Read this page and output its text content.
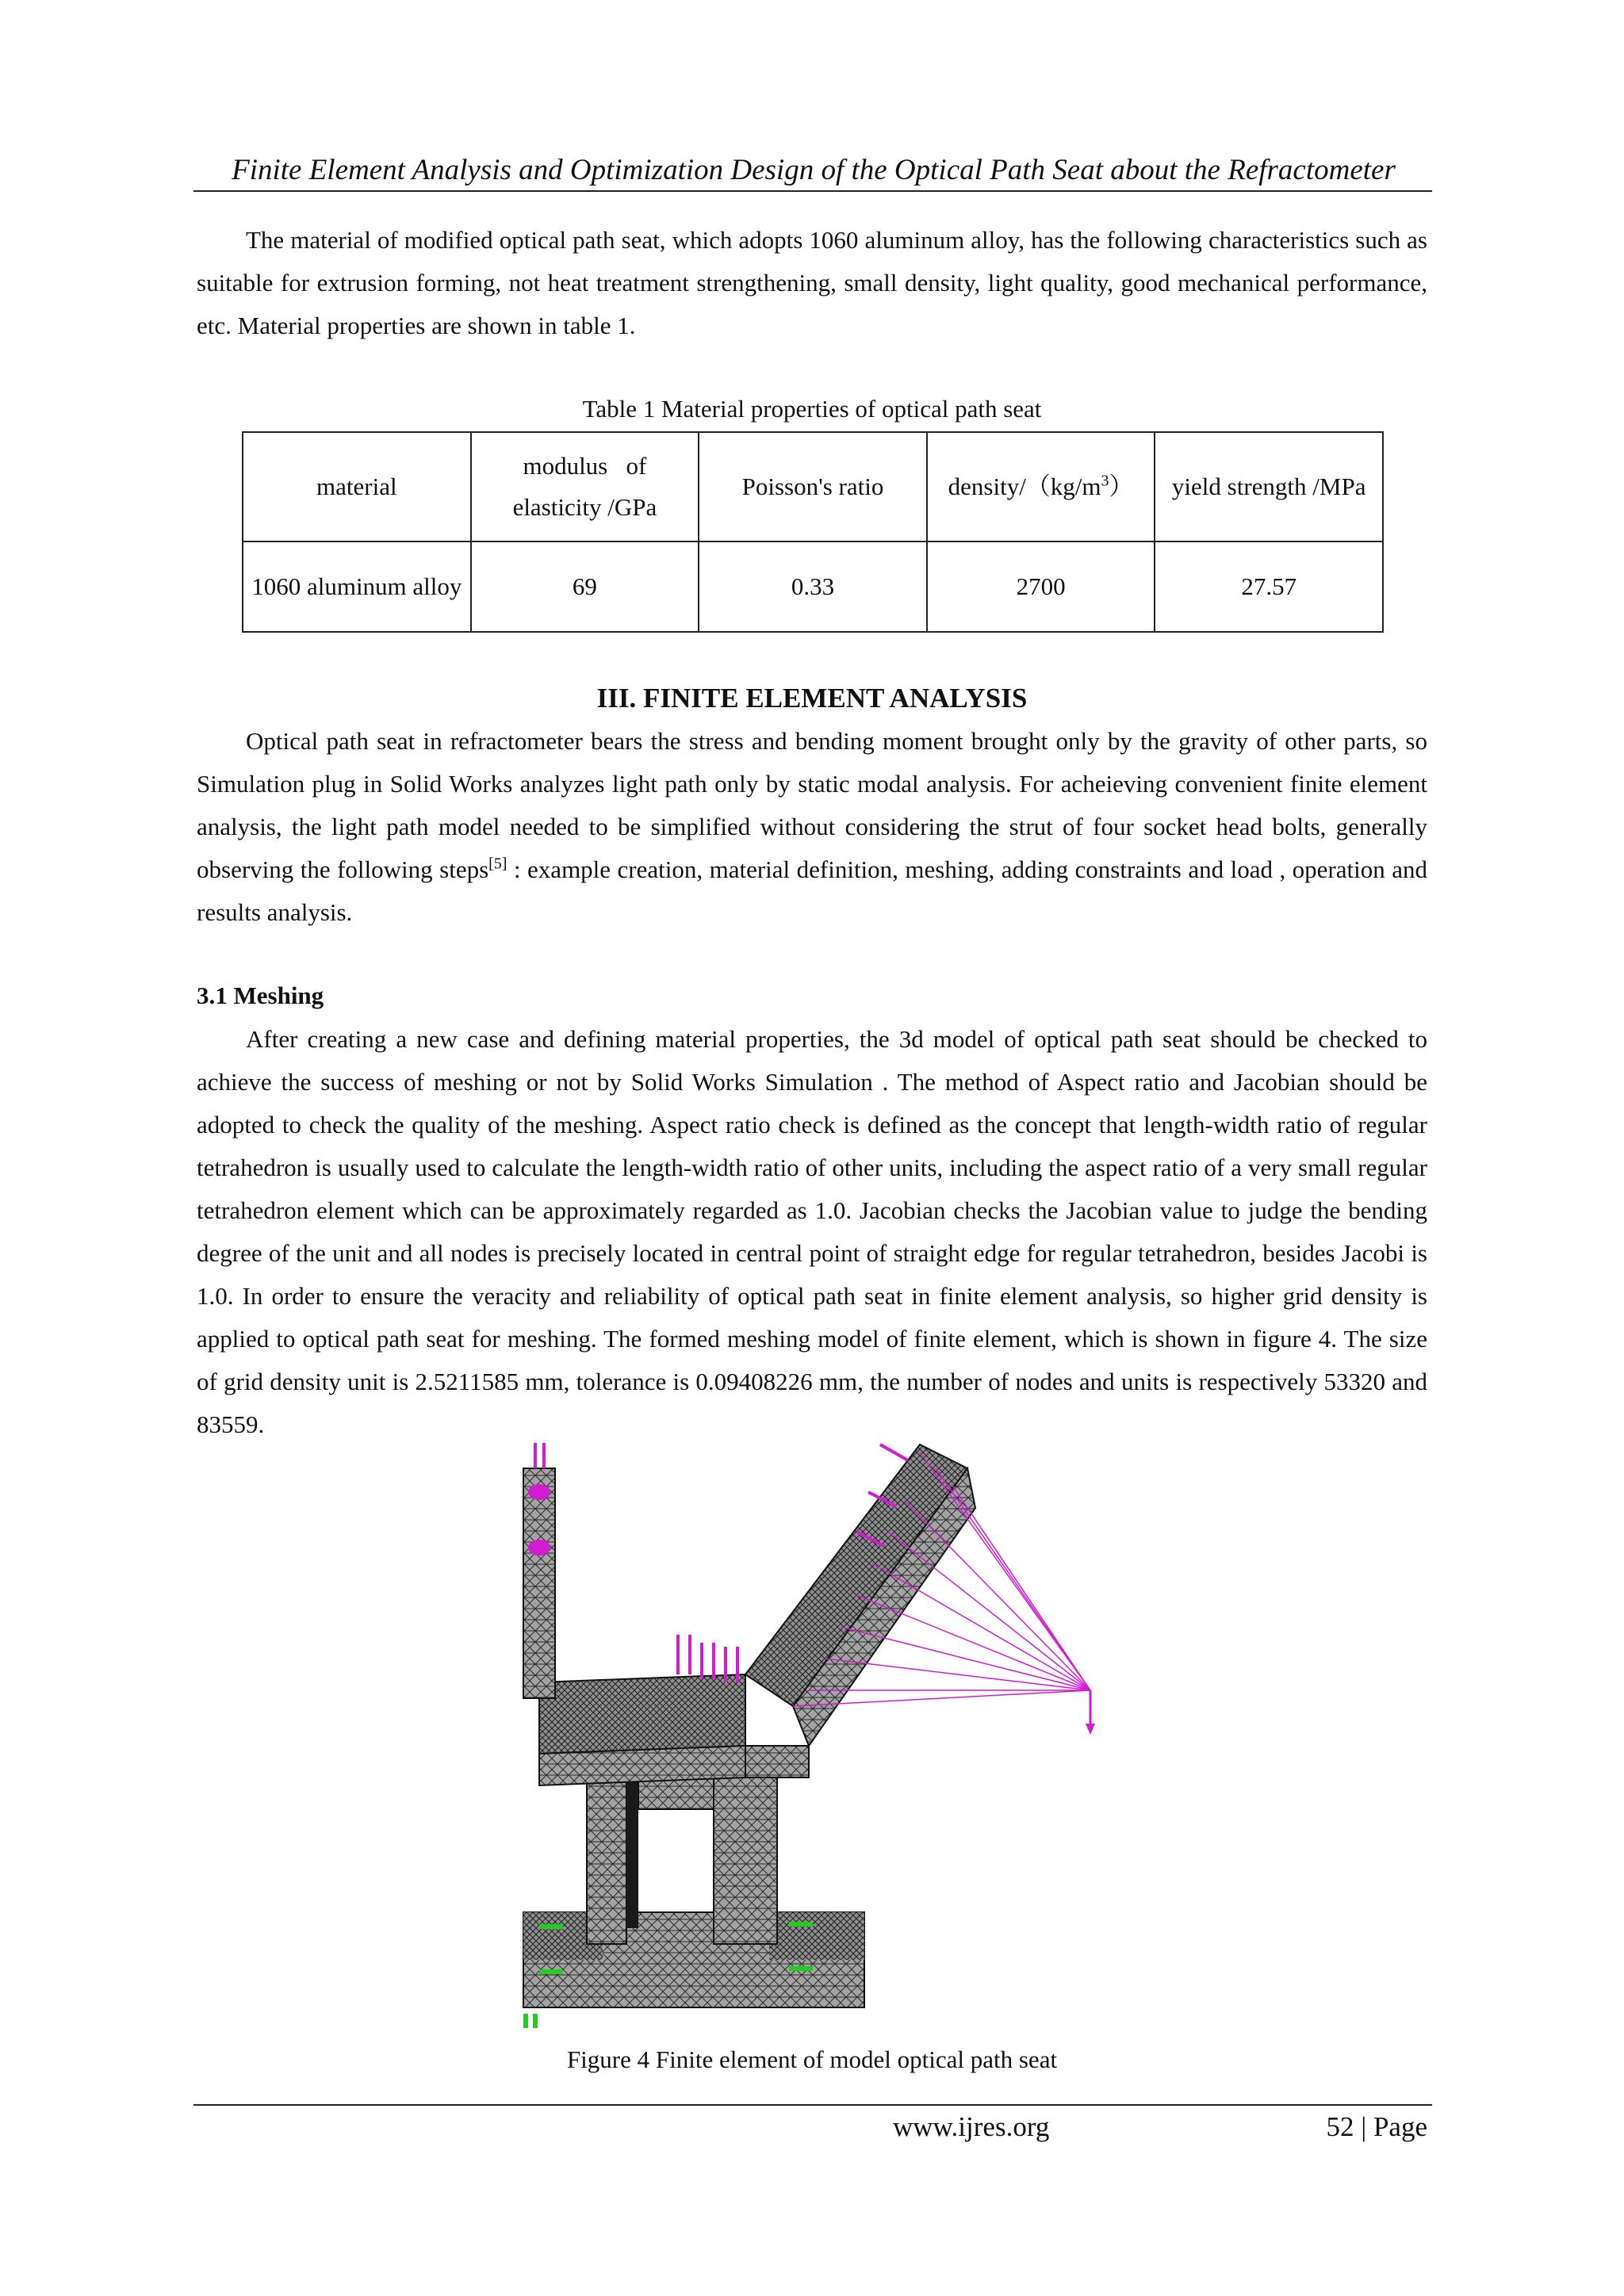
Finite Element Analysis and Optimization Design of the Optical Path Seat about the Refractometer

The material of modified optical path seat, which adopts 1060 aluminum alloy, has the following characteristics such as suitable for extrusion forming, not heat treatment strengthening, small density, light quality, good mechanical performance, etc. Material properties are shown in table 1.

Table 1 Material properties of optical path seat
material	modulus   of elasticity /GPa	Poisson's ratio	density/$(kg/m^3)$	yield strength /MPa
1060 aluminum alloy	69	0.33	2700	27.57
III. FINITE ELEMENT ANALYSIS

Optical path seat in refractometer bears the stress and bending moment brought only by the gravity of other parts, so Simulation plug in Solid Works analyzes light path only by static modal analysis. For acheieving convenient finite element analysis, the light path model needed to be simplified without considering the strut of four socket head bolts, generally observing the following steps[5] : example creation, material definition, meshing, adding constraints and load , operation and results analysis.

3.1 Meshing

After creating a new case and defining material properties, the 3d model of optical path seat should be checked to achieve the success of meshing or not by Solid Works Simulation . The method of Aspect ratio and Jacobian should be adopted to check the quality of the meshing. Aspect ratio check is defined as the concept that length-width ratio of regular tetrahedron is usually used to calculate the length-width ratio of other units, including the aspect ratio of a very small regular tetrahedron element which can be approximately regarded as 1.0. Jacobian checks the Jacobian value to judge the bending degree of the unit and all nodes is precisely located in central point of straight edge for regular tetrahedron, besides Jacobi is 1.0. In order to ensure the veracity and reliability of optical path seat in finite element analysis, so higher grid density is applied to optical path seat for meshing. The formed meshing model of finite element, which is shown in figure 4. The size of grid density unit is 2.5211585 mm, tolerance is 0.09408226 mm, the number of nodes and units is respectively 53320 and 83559.

Figure 4 Finite element of model optical path seat
www.ijres.org	52 | Page
